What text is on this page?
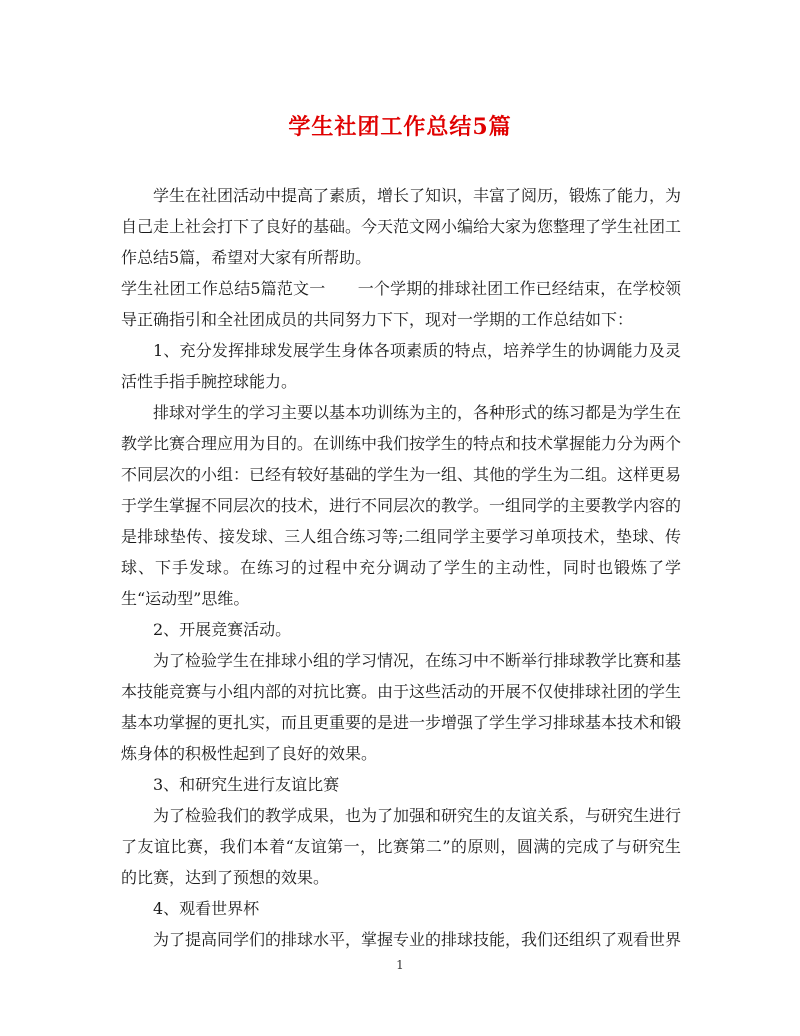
学生社团工作总结5篇

学生在社团活动中提高了素质，增长了知识，丰富了阅历，锻炼了能力，为自己走上社会打下了良好的基础。今天范文网小编给大家为您整理了学生社团工作总结5篇，希望对大家有所帮助。

学生社团工作总结5篇范文一　　一个学期的排球社团工作已经结束，在学校领导正确指引和全社团成员的共同努力下下，现对一学期的工作总结如下：

1、充分发挥排球发展学生身体各项素质的特点，培养学生的协调能力及灵活性手指手腕控球能力。

排球对学生的学习主要以基本功训练为主的，各种形式的练习都是为学生在教学比赛合理应用为目的。在训练中我们按学生的特点和技术掌握能力分为两个不同层次的小组：已经有较好基础的学生为一组、其他的学生为二组。这样更易于学生掌握不同层次的技术，进行不同层次的教学。一组同学的主要教学内容的是排球垫传、接发球、三人组合练习等;二组同学主要学习单项技术，垫球、传球、下手发球。在练习的过程中充分调动了学生的主动性，同时也锻炼了学生“运动型”思维。

2、开展竞赛活动。

为了检验学生在排球小组的学习情况，在练习中不断举行排球教学比赛和基本技能竞赛与小组内部的对抗比赛。由于这些活动的开展不仅使排球社团的学生基本功掌握的更扎实，而且更重要的是进一步增强了学生学习排球基本技术和锻炼身体的积极性起到了良好的效果。

3、和研究生进行友谊比赛

为了检验我们的教学成果，也为了加强和研究生的友谊关系，与研究生进行了友谊比赛，我们本着“友谊第一，比赛第二”的原则，圆满的完成了与研究生的比赛，达到了预想的效果。

4、观看世界杯

为了提高同学们的排球水平，掌握专业的排球技能，我们还组织了观看世界

1
